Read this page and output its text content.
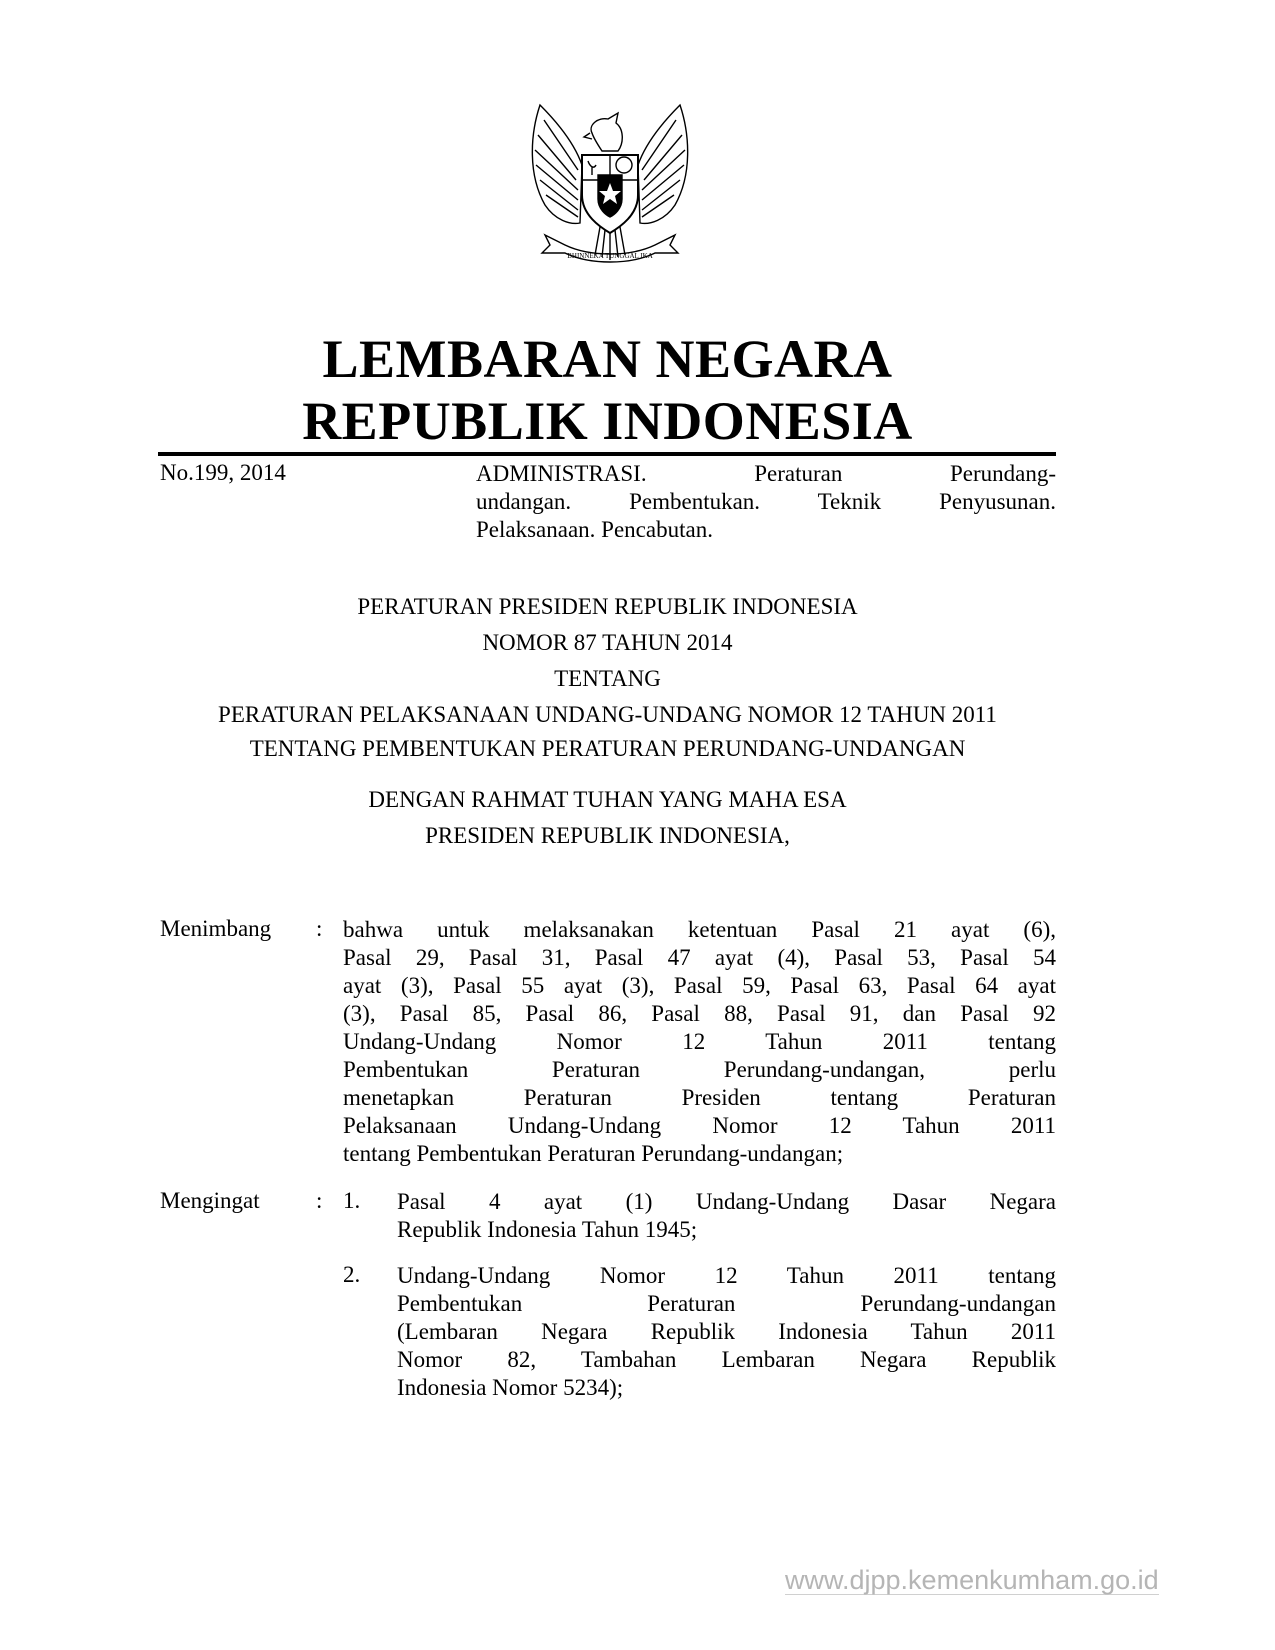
BHINNEKA TUNGGAL IKA
LEMBARAN NEGARA
REPUBLIK INDONESIA
No.199, 2014	ADMINISTRASI. Peraturan Perundang-
undangan. Pembentukan. Teknik Penyusunan.
Pelaksanaan. Pencabutan.
PERATURAN PRESIDEN REPUBLIK INDONESIA
NOMOR 87 TAHUN 2014
TENTANG
PERATURAN PELAKSANAAN UNDANG-UNDANG NOMOR 12 TAHUN 2011
TENTANG PEMBENTUKAN PERATURAN PERUNDANG-UNDANGAN
DENGAN RAHMAT TUHAN YANG MAHA ESA
PRESIDEN REPUBLIK INDONESIA,
Menimbang : bahwa untuk melaksanakan ketentuan Pasal 21 ayat (6),
Pasal 29, Pasal 31, Pasal 47 ayat (4), Pasal 53, Pasal 54
ayat (3), Pasal 55 ayat (3), Pasal 59, Pasal 63, Pasal 64 ayat
(3), Pasal 85, Pasal 86, Pasal 88, Pasal 91, dan Pasal 92
Undang-Undang Nomor 12 Tahun 2011 tentang
Pembentukan Peraturan Perundang-undangan, perlu
menetapkan Peraturan Presiden tentang Peraturan
Pelaksanaan Undang-Undang Nomor 12 Tahun 2011
tentang Pembentukan Peraturan Perundang-undangan;
Mengingat : 1. Pasal 4 ayat (1) Undang-Undang Dasar Negara
Republik Indonesia Tahun 1945;
2. Undang-Undang Nomor 12 Tahun 2011 tentang
Pembentukan Peraturan Perundang-undangan
(Lembaran Negara Republik Indonesia Tahun 2011
Nomor 82, Tambahan Lembaran Negara Republik
Indonesia Nomor 5234);
www.djpp.kemenkumham.go.id
